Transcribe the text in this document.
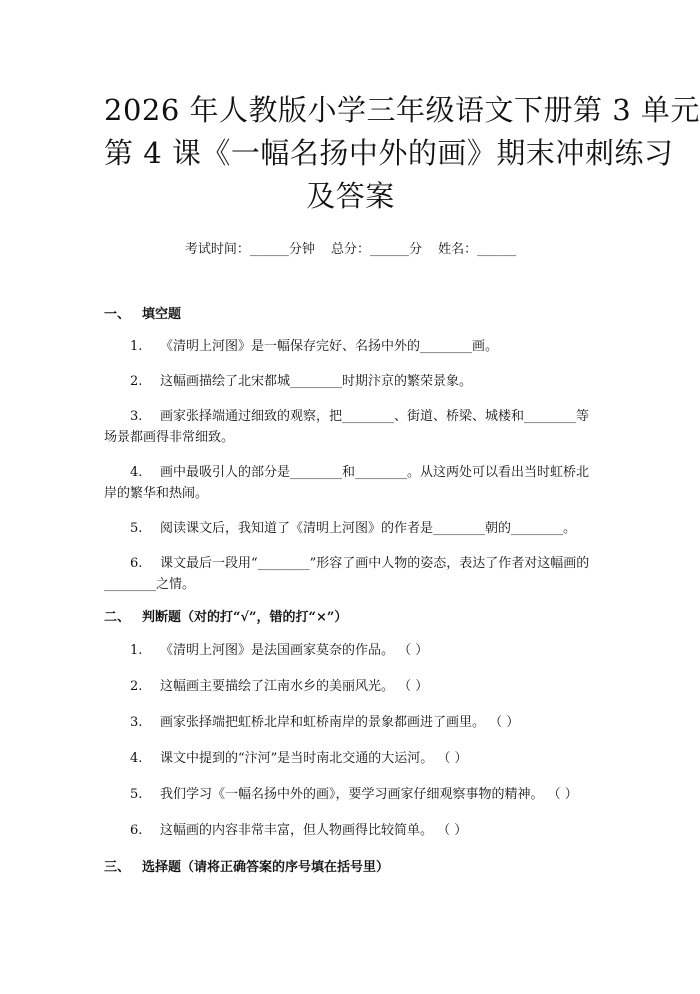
2026 年人教版小学三年级语文下册第 3 单元
第 4 课《一幅名扬中外的画》期末冲刺练习
及答案
考试时间：______分钟 总分：______分 姓名：______
一、 填空题
1. 《清明上河图》是一幅保存完好、名扬中外的________画。
2. 这幅画描绘了北宋都城________时期汴京的繁荣景象。
3. 画家张择端通过细致的观察，把________、街道、桥梁、城楼和________等场景都画得非常细致。
4. 画中最吸引人的部分是________和________。从这两处可以看出当时虹桥北岸的繁华和热闹。
5. 阅读课文后，我知道了《清明上河图》的作者是________朝的________。
6. 课文最后一段用“________”形容了画中人物的姿态，表达了作者对这幅画的________之情。
二、 判断题（对的打“√”，错的打“×”）
1. 《清明上河图》是法国画家莫奈的作品。 （ ）
2. 这幅画主要描绘了江南水乡的美丽风光。 （ ）
3. 画家张择端把虹桥北岸和虹桥南岸的景象都画进了画里。 （ ）
4. 课文中提到的“汴河”是当时南北交通的大运河。 （ ）
5. 我们学习《一幅名扬中外的画》，要学习画家仔细观察事物的精神。 （ ）
6. 这幅画的内容非常丰富，但人物画得比较简单。 （ ）
三、 选择题（请将正确答案的序号填在括号里）
